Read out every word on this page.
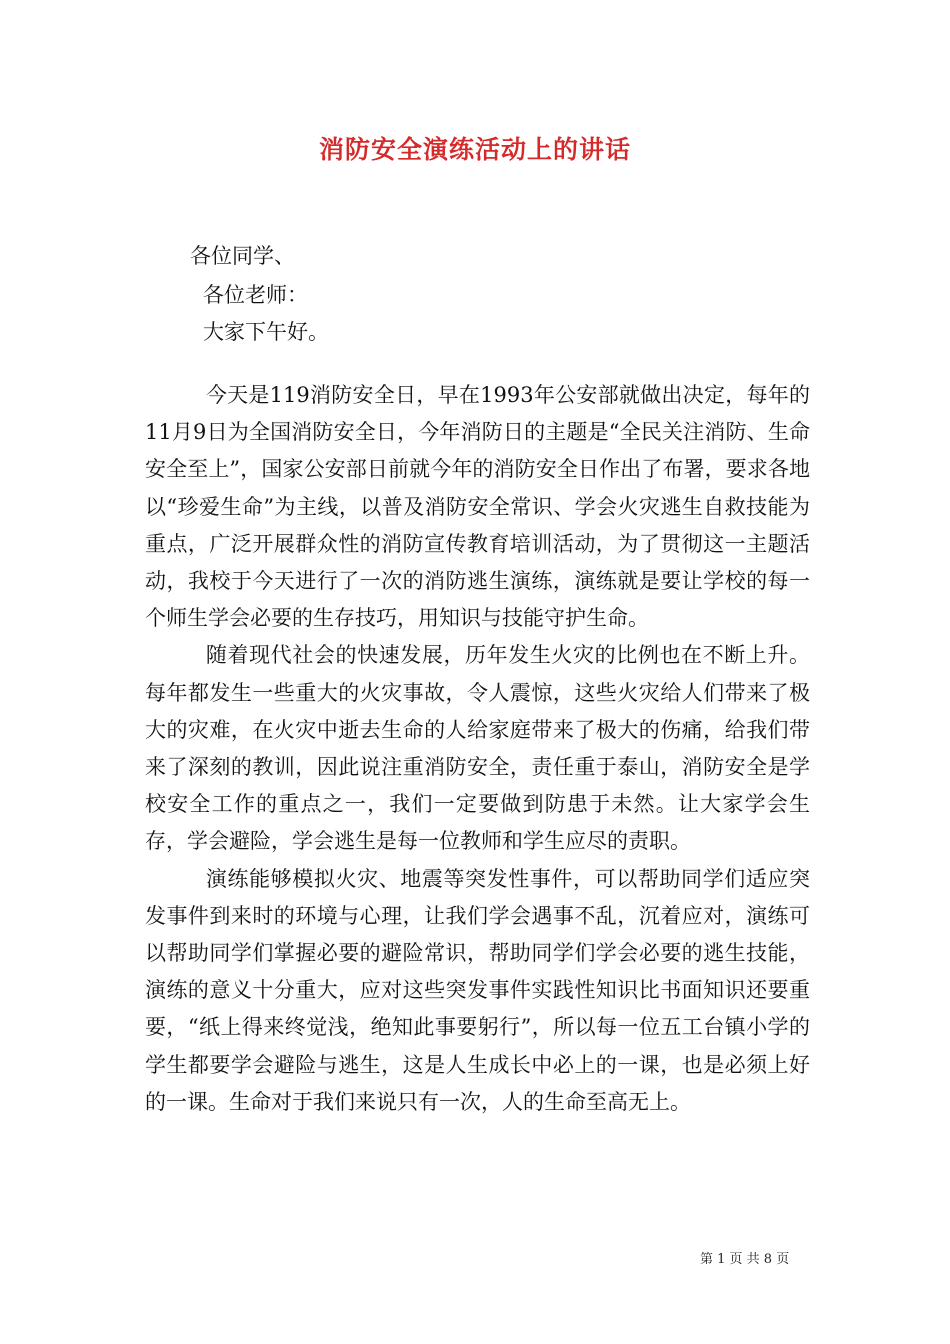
消防安全演练活动上的讲话
各位同学、
各位老师：
大家下午好。

今天是119消防安全日，早在1993年公安部就做出决定，每年的11月9日为全国消防安全日，今年消防日的主题是“全民关注消防、生命安全至上”，国家公安部日前就今年的消防安全日作出了布署，要求各地以“珍爱生命”为主线，以普及消防安全常识、学会火灾逃生自救技能为重点，广泛开展群众性的消防宣传教育培训活动，为了贯彻这一主题活动，我校于今天进行了一次的消防逃生演练，演练就是要让学校的每一个师生学会必要的生存技巧，用知识与技能守护生命。

随着现代社会的快速发展，历年发生火灾的比例也在不断上升。每年都发生一些重大的火灾事故，令人震惊，这些火灾给人们带来了极大的灾难，在火灾中逝去生命的人给家庭带来了极大的伤痛，给我们带来了深刻的教训，因此说注重消防安全，责任重于泰山，消防安全是学校安全工作的重点之一，我们一定要做到防患于未然。让大家学会生存，学会避险，学会逃生是每一位教师和学生应尽的责职。

演练能够模拟火灾、地震等突发性事件，可以帮助同学们适应突发事件到来时的环境与心理，让我们学会遇事不乱，沉着应对，演练可以帮助同学们掌握必要的避险常识，帮助同学们学会必要的逃生技能，演练的意义十分重大，应对这些突发事件实践性知识比书面知识还要重要，“纸上得来终觉浅，绝知此事要躬行”，所以每一位五工台镇小学的学生都要学会避险与逃生，这是人生成长中必上的一课，也是必须上好的一课。生命对于我们来说只有一次，人的生命至高无上。

第 1 页 共 8 页
